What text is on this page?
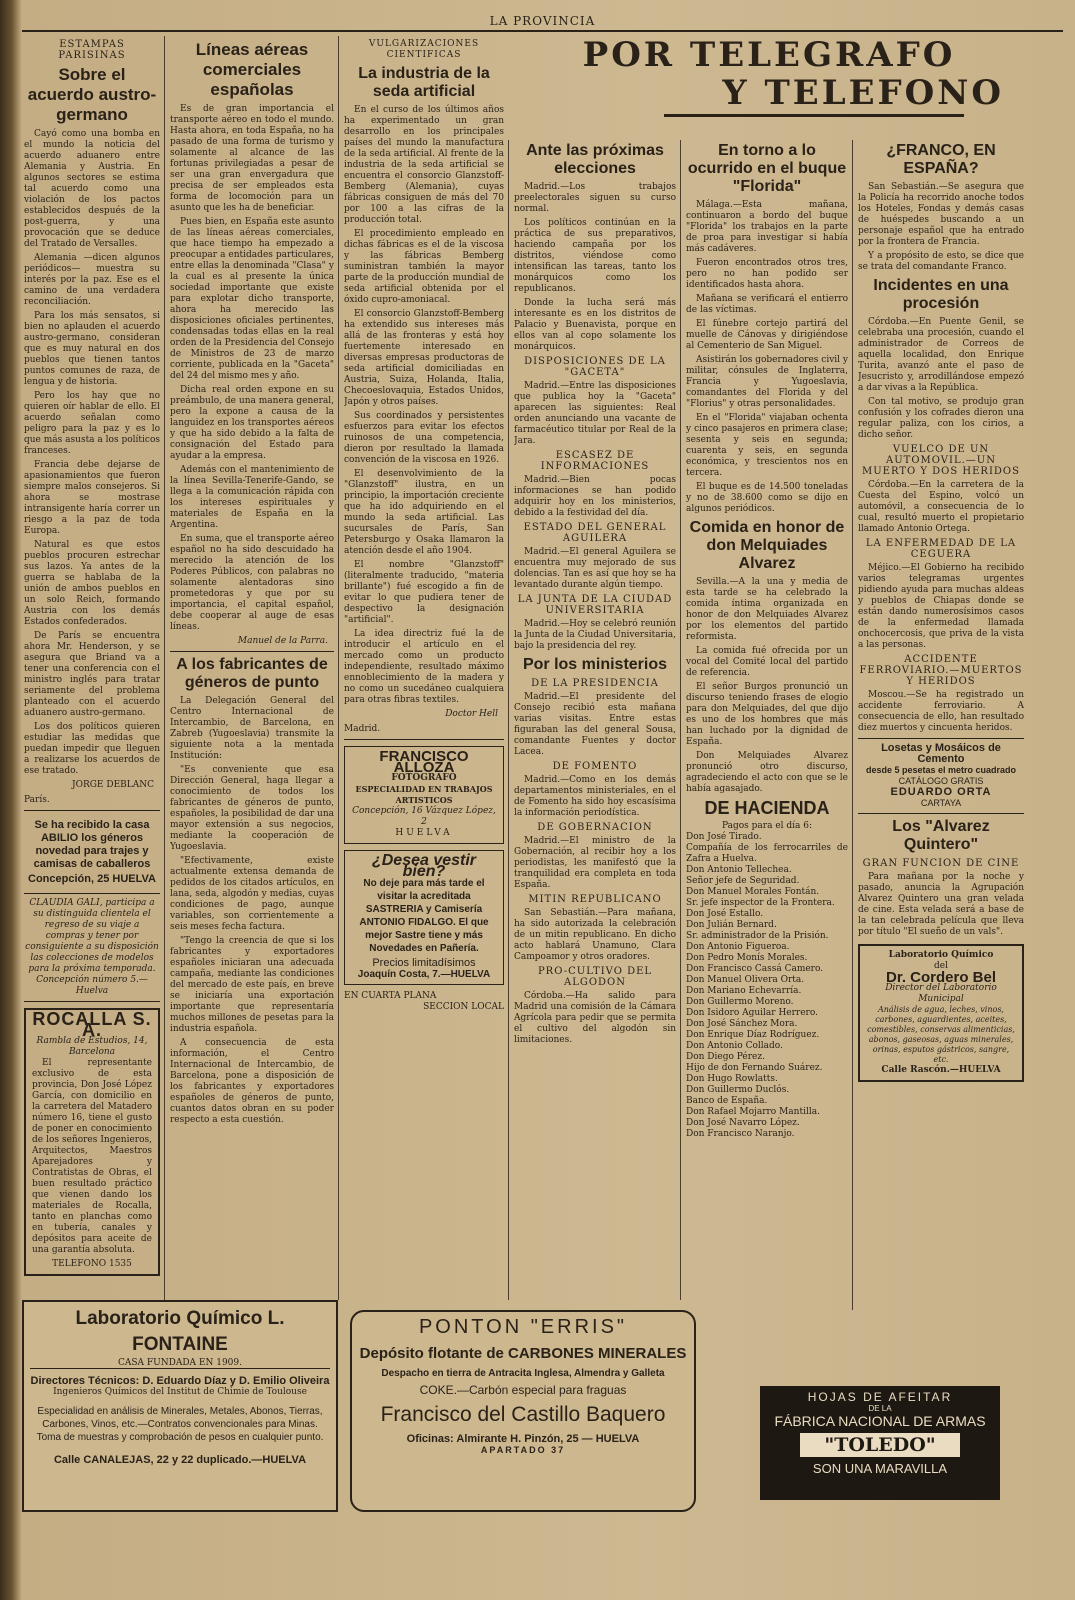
LA PROVINCIA
ESTAMPAS PARISINAS
Sobre el acuerdo austro-germano

Cayó como una bomba en el mundo la noticia del acuerdo aduanero entre Alemania y Austria. En algunos sectores se estima tal acuerdo como una violación de los pactos establecidos después de la post-guerra, y una provocación que se deduce del Tratado de Versalles.

Alemania —dicen algunos periódicos— muestra su interés por la paz. Ese es el camino de una verdadera reconciliación.

Para los más sensatos, si bien no aplauden el acuerdo austro-germano, consideran que es muy natural en dos pueblos que tienen tantos puntos comunes de raza, de lengua y de historia.

Pero los hay que no quieren oír hablar de ello. El acuerdo señalan como peligro para la paz y es lo que más asusta a los políticos franceses.

Francia debe dejarse de apasionamientos que fueron siempre malos consejeros. Si ahora se mostrase intransigente haría correr un riesgo a la paz de toda Europa.

Natural es que estos pueblos procuren estrechar sus lazos. Ya antes de la guerra se hablaba de la unión de ambos pueblos en un solo Reich, formando Austria con los demás Estados confederados.

De París se encuentra ahora Mr. Henderson, y se asegura que Briand va a tener una conferencia con el ministro inglés para tratar seriamente del problema planteado con el acuerdo aduanero austro-germano.

Los dos políticos quieren estudiar las medidas que puedan impedir que lleguen a realizarse los acuerdos de ese tratado.

JORGE DEBLANC
París.
Se ha recibido la casa ABILIO los géneros novedad para trajes y camisas de caballeros
Concepción, 25 HUELVA
CLAUDIA GALI, participa a su distinguida clientela el regreso de su viaje a compras y tener por consiguiente a su disposición las colecciones de modelos para la próxima temporada.
Concepción número 5.—Huelva
ROCALLA S. A.
Rambla de Estudios, 14, Barcelona

El representante exclusivo de esta provincia, Don José López García, con domicilio en la carretera del Matadero número 16, tiene el gusto de poner en conocimiento de los señores Ingenieros, Arquitectos, Maestros Aparejadores y Contratistas de Obras, el buen resultado práctico que vienen dando los materiales de Rocalla, tanto en planchas como en tubería, canales y depósitos para aceite de una garantía absoluta.

TELEFONO 1535
Líneas aéreas comerciales españolas

Es de gran importancia el transporte aéreo en todo el mundo. Hasta ahora, en toda España, no ha pasado de una forma de turismo y solamente al alcance de las fortunas privilegiadas a pesar de ser una gran envergadura que precisa de ser empleados esta forma de locomoción para un asunto que les ha de beneficiar.

Pues bien, en España este asunto de las líneas aéreas comerciales, que hace tiempo ha empezado a preocupar a entidades particulares, entre ellas la denominada "Clasa" y la cual es al presente la única sociedad importante que existe para explotar dicho transporte, ahora ha merecido las disposiciones oficiales pertinentes, condensadas todas ellas en la real orden de la Presidencia del Consejo de Ministros de 23 de marzo corriente, publicada en la "Gaceta" del 24 del mismo mes y año.

Dicha real orden expone en su preámbulo, de una manera general, pero la expone a causa de la languidez en los transportes aéreos y que ha sido debido a la falta de consignación del Estado para ayudar a la empresa.

Además con el mantenimiento de la línea Sevilla-Tenerife-Gando, se llega a la comunicación rápida con los intereses espirituales y materiales de España en la Argentina.

En suma, que el transporte aéreo español no ha sido descuidado ha merecido la atención de los Poderes Públicos, con palabras no solamente alentadoras sino prometedoras y que por su importancia, el capital español, debe cooperar al auge de esas líneas.

Manuel de la Parra.
A los fabricantes de géneros de punto

La Delegación General del Centro Internacional de Intercambio, de Barcelona, en Zabreb (Yugoeslavia) transmite la siguiente nota a la mentada Institución:

"Es conveniente que esa Dirección General, haga llegar a conocimiento de todos los fabricantes de géneros de punto, españoles, la posibilidad de dar una mayor extensión a sus negocios, mediante la cooperación de Yugoeslavia.

"Efectivamente, existe actualmente extensa demanda de pedidos de los citados artículos, en lana, seda, algodón y medias, cuyas condiciones de pago, aunque variables, son corrientemente a seis meses fecha factura.

"Tengo la creencia de que si los fabricantes y exportadores españoles iniciaran una adecuada campaña, mediante las condiciones del mercado de este país, en breve se iniciaría una exportación importante que representaría muchos millones de pesetas para la industria española.

A consecuencia de esta información, el Centro Internacional de Intercambio, de Barcelona, pone a disposición de los fabricantes y exportadores españoles de géneros de punto, cuantos datos obran en su poder respecto a esta cuestión.

VULGARIZACIONES CIENTIFICAS
La industria de la seda artificial

En el curso de los últimos años ha experimentado un gran desarrollo en los principales países del mundo la manufactura de la seda artificial. Al frente de la industria de la seda artificial se encuentra el consorcio Glanzstoff-Bemberg (Alemania), cuyas fábricas consiguen de más del 70 por 100 a las cifras de la producción total.

El procedimiento empleado en dichas fábricas es el de la viscosa y las fábricas Bemberg suministran también la mayor parte de la producción mundial de seda artificial obtenida por el óxido cupro-amoniacal.

El consorcio Glanzstoff-Bemberg ha extendido sus intereses más allá de las fronteras y está hoy fuertemente interesado en diversas empresas productoras de seda artificial domiciliadas en Austria, Suiza, Holanda, Italia, Checoeslovaquia, Estados Unidos, Japón y otros países.

Sus coordinados y persistentes esfuerzos para evitar los efectos ruinosos de una competencia, dieron por resultado la llamada convención de la viscosa en 1926.

El desenvolvimiento de la "Glanzstoff" ilustra, en un principio, la importación creciente que ha ido adquiriendo en el mundo la seda artificial. Las sucursales de París, San Petersburgo y Osaka llamaron la atención desde el año 1904.

El nombre "Glanzstoff" (literalmente traducido, "materia brillante") fué escogido a fin de evitar lo que pudiera tener de despectivo la designación "artificial".

La idea directriz fué la de introducir el artículo en el mercado como un producto independiente, resultado máximo ennoblecimiento de la madera y no como un sucedáneo cualquiera para otras fibras textiles.

Doctor Hell
Madrid.
FRANCISCO ALLOZA
FOTÓGRAFO
ESPECIALIDAD EN TRABAJOS ARTISTICOS
Concepción, 16 Vázquez López, 2
HUELVA
¿Desea vestir bien?
No deje para más tarde el visitar la acreditada SASTRERIA y Camisería ANTONIO FIDALGO. El que mejor Sastre tiene y más Novedades en Pañería.
Precios limitadísimos
Joaquín Costa, 7.—HUELVA
EN CUARTA PLANA
SECCION LOCAL
POR TELEGRAFO
Y TELEFONO
Ante las próximas elecciones

Madrid.—Los trabajos preelectorales siguen su curso normal.

Los políticos continúan en la práctica de sus preparativos, haciendo campaña por los distritos, viéndose como intensifican las tareas, tanto los monárquicos como los republicanos.

Donde la lucha será más interesante es en los distritos de Palacio y Buenavista, porque en ellos van al copo solamente los monárquicos.

DISPOSICIONES DE LA "GACETA"

Madrid.—Entre las disposiciones que publica hoy la "Gaceta" aparecen las siguientes: Real orden anunciando una vacante de farmacéutico titular por Real de la Jara.

ESCASEZ DE INFORMACIONES

Madrid.—Bien pocas informaciones se han podido adquirir hoy en los ministerios, debido a la festividad del día.

ESTADO DEL GENERAL AGUILERA

Madrid.—El general Aguilera se encuentra muy mejorado de sus dolencias. Tan es así que hoy se ha levantado durante algún tiempo.

LA JUNTA DE LA CIUDAD UNIVERSITARIA

Madrid.—Hoy se celebró reunión la Junta de la Ciudad Universitaria, bajo la presidencia del rey.

Por los ministerios
DE LA PRESIDENCIA

Madrid.—El presidente del Consejo recibió esta mañana varias visitas. Entre estas figuraban las del general Sousa, comandante Fuentes y doctor Lacea.

DE FOMENTO

Madrid.—Como en los demás departamentos ministeriales, en el de Fomento ha sido hoy escasísima la información periodística.

DE GOBERNACION

Madrid.—El ministro de la Gobernación, al recibir hoy a los periodistas, les manifestó que la tranquilidad era completa en toda España.

MITIN REPUBLICANO

San Sebastián.—Para mañana, ha sido autorizada la celebración de un mitin republicano. En dicho acto hablará Unamuno, Clara Campoamor y otros oradores.

PRO-CULTIVO DEL ALGODON

Córdoba.—Ha salido para Madrid una comisión de la Cámara Agrícola para pedir que se permita el cultivo del algodón sin limitaciones.

En torno a lo ocurrido en el buque "Florida"

Málaga.—Esta mañana, continuaron a bordo del buque "Florida" los trabajos en la parte de proa para investigar si había más cadáveres.

Fueron encontrados otros tres, pero no han podido ser identificados hasta ahora.

Mañana se verificará el entierro de las víctimas.

El fúnebre cortejo partirá del muelle de Cánovas y dirigiéndose al Cementerio de San Miguel.

Asistirán los gobernadores civil y militar, cónsules de Inglaterra, Francia y Yugoeslavia, comandantes del Florida y del "Florius" y otras personalidades.

En el "Florida" viajaban ochenta y cinco pasajeros en primera clase; sesenta y seis en segunda; cuarenta y seis, en segunda económica, y trescientos nos en tercera.

El buque es de 14.500 toneladas y no de 38.600 como se dijo en algunos periódicos.

Comida en honor de don Melquiades Alvarez

Sevilla.—A la una y media de esta tarde se ha celebrado la comida íntima organizada en honor de don Melquiades Alvarez por los elementos del partido reformista.

La comida fué ofrecida por un vocal del Comité local del partido de referencia.

El señor Burgos pronunció un discurso teniendo frases de elogio para don Melquiades, del que dijo es uno de los hombres que más han luchado por la dignidad de España.

Don Melquiades Alvarez pronunció otro discurso, agradeciendo el acto con que se le había agasajado.

DE HACIENDA
Pagos para el día 6:
Don José Tirado.
Compañía de los ferrocarriles de Zafra a Huelva.
Don Antonio Tellechea.
Señor jefe de Seguridad.
Don Manuel Morales Fontán.
Sr. jefe inspector de la Frontera.
Don José Estallo.
Don Julián Bernard.
Sr. administrador de la Prisión.
Don Antonio Figueroa.
Don Pedro Monís Morales.
Don Francisco Cassá Camero.
Don Manuel Olivera Orta.
Don Mariano Echevarría.
Don Guillermo Moreno.
Don Isidoro Aguilar Herrero.
Don José Sánchez Mora.
Don Enrique Díaz Rodríguez.
Don Antonio Collado.
Don Diego Pérez.
Hijo de don Fernando Suárez.
Don Hugo Rowlatts.
Don Guillermo Duclós.
Banco de España.
Don Rafael Mojarro Mantilla.
Don José Navarro López.
Don Francisco Naranjo.
¿FRANCO, EN ESPAÑA?

San Sebastián.—Se asegura que la Policía ha recorrido anoche todos los Hoteles, Fondas y demás casas de huéspedes buscando a un personaje español que ha entrado por la frontera de Francia.

Y a propósito de esto, se dice que se trata del comandante Franco.

Incidentes en una procesión

Córdoba.—En Puente Genil, se celebraba una procesión, cuando el administrador de Correos de aquella localidad, don Enrique Turita, avanzó ante el paso de Jesucristo y, arrodillándose empezó a dar vivas a la República.

Con tal motivo, se produjo gran confusión y los cofrades dieron una regular paliza, con los cirios, a dicho señor.

VUELCO DE UN AUTOMOVIL.—UN MUERTO Y DOS HERIDOS

Córdoba.—En la carretera de la Cuesta del Espino, volcó un automóvil, a consecuencia de lo cual, resultó muerto el propietario llamado Antonio Ortega.

LA ENFERMEDAD DE LA CEGUERA

Méjico.—El Gobierno ha recibido varios telegramas urgentes pidiendo ayuda para muchas aldeas y pueblos de Chiapas donde se están dando numerosísimos casos de la enfermedad llamada onchocercosis, que priva de la vista a las personas.

ACCIDENTE FERROVIARIO.—MUERTOS Y HERIDOS

Moscou.—Se ha registrado un accidente ferroviario. A consecuencia de ello, han resultado diez muertos y cincuenta heridos.

Losetas y Mosáicos de Cemento
desde 5 pesetas el metro cuadrado
CATÁLOGO GRATIS
EDUARDO ORTA
CARTAYA
Los "Alvarez Quintero"
GRAN FUNCION DE CINE

Para mañana por la noche y pasado, anuncia la Agrupación Alvarez Quintero una gran velada de cine. Esta velada será a base de la tan celebrada película que lleva por título "El sueño de un vals".

Laboratorio Químico
del
Dr. Cordero Bel
Director del Laboratorio Municipal
Análisis de agua, leches, vinos, carbones, aguardientes, aceites, comestibles, conservas alimenticias, abonos, gaseosas, aguas minerales, orinas, esputos gástricos, sangre, etc.
Calle Rascón.—HUELVA
Laboratorio Químico L. FONTAINE
CASA FUNDADA EN 1909.
Directores Técnicos: D. Eduardo Díaz y D. Emilio Oliveira
Ingenieros Químicos del Institut de Chimie de Toulouse
Especialidad en análisis de Minerales, Metales, Abonos, Tierras, Carbones, Vinos, etc.—Contratos convencionales para Minas. Toma de muestras y comprobación de pesos en cualquier punto.
Calle CANALEJAS, 22 y 22 duplicado.—HUELVA
PONTON "ERRIS"
Depósito flotante de CARBONES MINERALES
Despacho en tierra de Antracita Inglesa, Almendra y Galleta
COKE.—Carbón especial para fraguas
Francisco del Castillo Baquero
Oficinas: Almirante H. Pinzón, 25 — HUELVA
APARTADO 37
HOJAS DE AFEITAR
DE LA
FÁBRICA NACIONAL DE ARMAS
"TOLEDO"
SON UNA MARAVILLA
